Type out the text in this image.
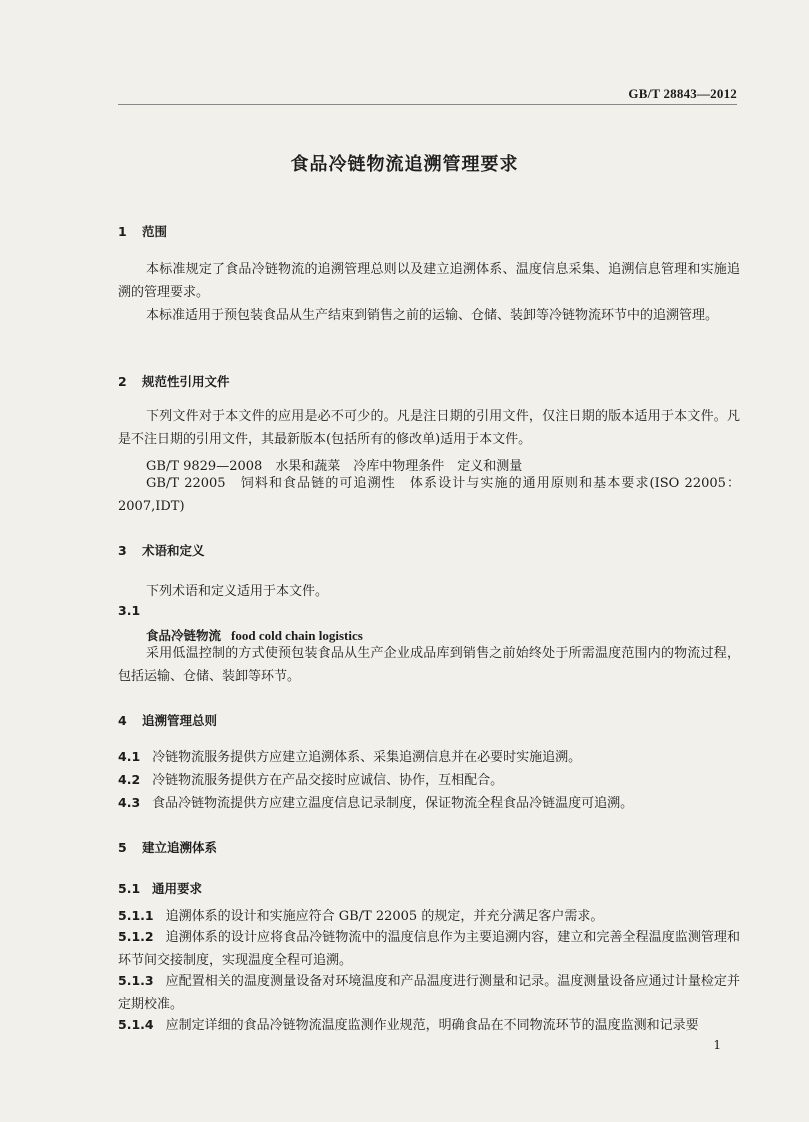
GB/T 28843—2012
食品冷链物流追溯管理要求
1 范围
本标准规定了食品冷链物流的追溯管理总则以及建立追溯体系、温度信息采集、追溯信息管理和实施追溯的管理要求。
本标准适用于预包装食品从生产结束到销售之前的运输、仓储、装卸等冷链物流环节中的追溯管理。
2 规范性引用文件
下列文件对于本文件的应用是必不可少的。凡是注日期的引用文件，仅注日期的版本适用于本文件。凡是不注日期的引用文件，其最新版本(包括所有的修改单)适用于本文件。
GB/T 9829—2008　水果和蔬菜　冷库中物理条件　定义和测量
GB/T 22005　饲料和食品链的可追溯性　体系设计与实施的通用原则和基本要求(ISO 22005：2007,IDT)
3 术语和定义
下列术语和定义适用于本文件。
3.1
食品冷链物流 food cold chain logistics
采用低温控制的方式使预包装食品从生产企业成品库到销售之前始终处于所需温度范围内的物流过程，包括运输、仓储、装卸等环节。
4 追溯管理总则
4.1 冷链物流服务提供方应建立追溯体系、采集追溯信息并在必要时实施追溯。
4.2 冷链物流服务提供方在产品交接时应诚信、协作，互相配合。
4.3 食品冷链物流提供方应建立温度信息记录制度，保证物流全程食品冷链温度可追溯。
5 建立追溯体系
5.1 通用要求
5.1.1 追溯体系的设计和实施应符合 GB/T 22005 的规定，并充分满足客户需求。
5.1.2 追溯体系的设计应将食品冷链物流中的温度信息作为主要追溯内容，建立和完善全程温度监测管理和环节间交接制度，实现温度全程可追溯。
5.1.3 应配置相关的温度测量设备对环境温度和产品温度进行测量和记录。温度测量设备应通过计量检定并定期校准。
5.1.4 应制定详细的食品冷链物流温度监测作业规范，明确食品在不同物流环节的温度监测和记录要
1
